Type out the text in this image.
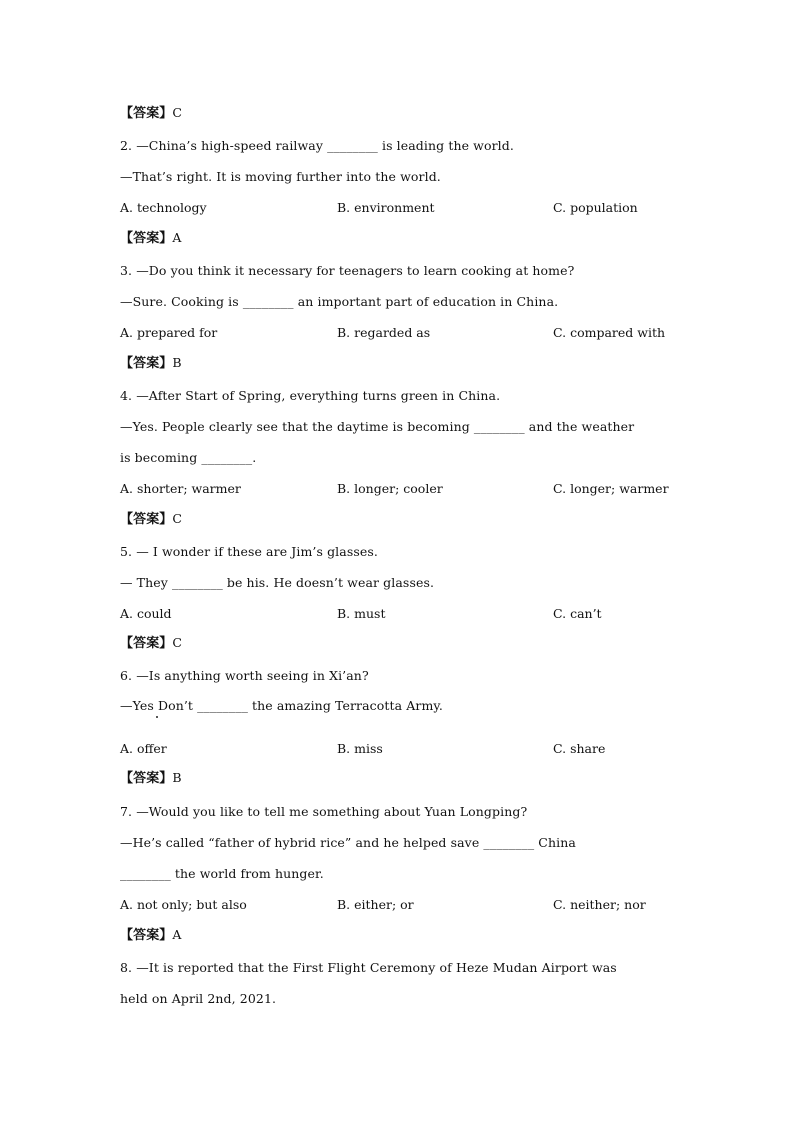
【答案】C
2. —China’s high-speed railway ________ is leading the world.
—That’s right. It is moving further into the world.
A. technology	B. environment	C. population
【答案】A
3. —Do you think it necessary for teenagers to learn cooking at home?
—Sure. Cooking is ________ an important part of education in China.
A. prepared for	B. regarded as	C. compared with
【答案】B
4. —After Start of Spring, everything turns green in China.
—Yes. People clearly see that the daytime is becoming ________ and the weather
is becoming ________.
A. shorter; warmer	B. longer; cooler	C. longer; warmer
【答案】C
5. — I wonder if these are Jim’s glasses.
— They ________ be his. He doesn’t wear glasses.
A. could	B. must	C. can’t
【答案】C
6. —Is anything worth seeing in Xi’an?
—Yes Don’t ________ the amazing Terracotta Army.
A. offer	B. miss	C. share
【答案】B
7. —Would you like to tell me something about Yuan Longping?
—He’s called “father of hybrid rice” and he helped save ________ China
________ the world from hunger.
A. not only; but also	B. either; or	C. neither; nor
【答案】A
8. —It is reported that the First Flight Ceremony of Heze Mudan Airport was
held on April 2nd, 2021.
